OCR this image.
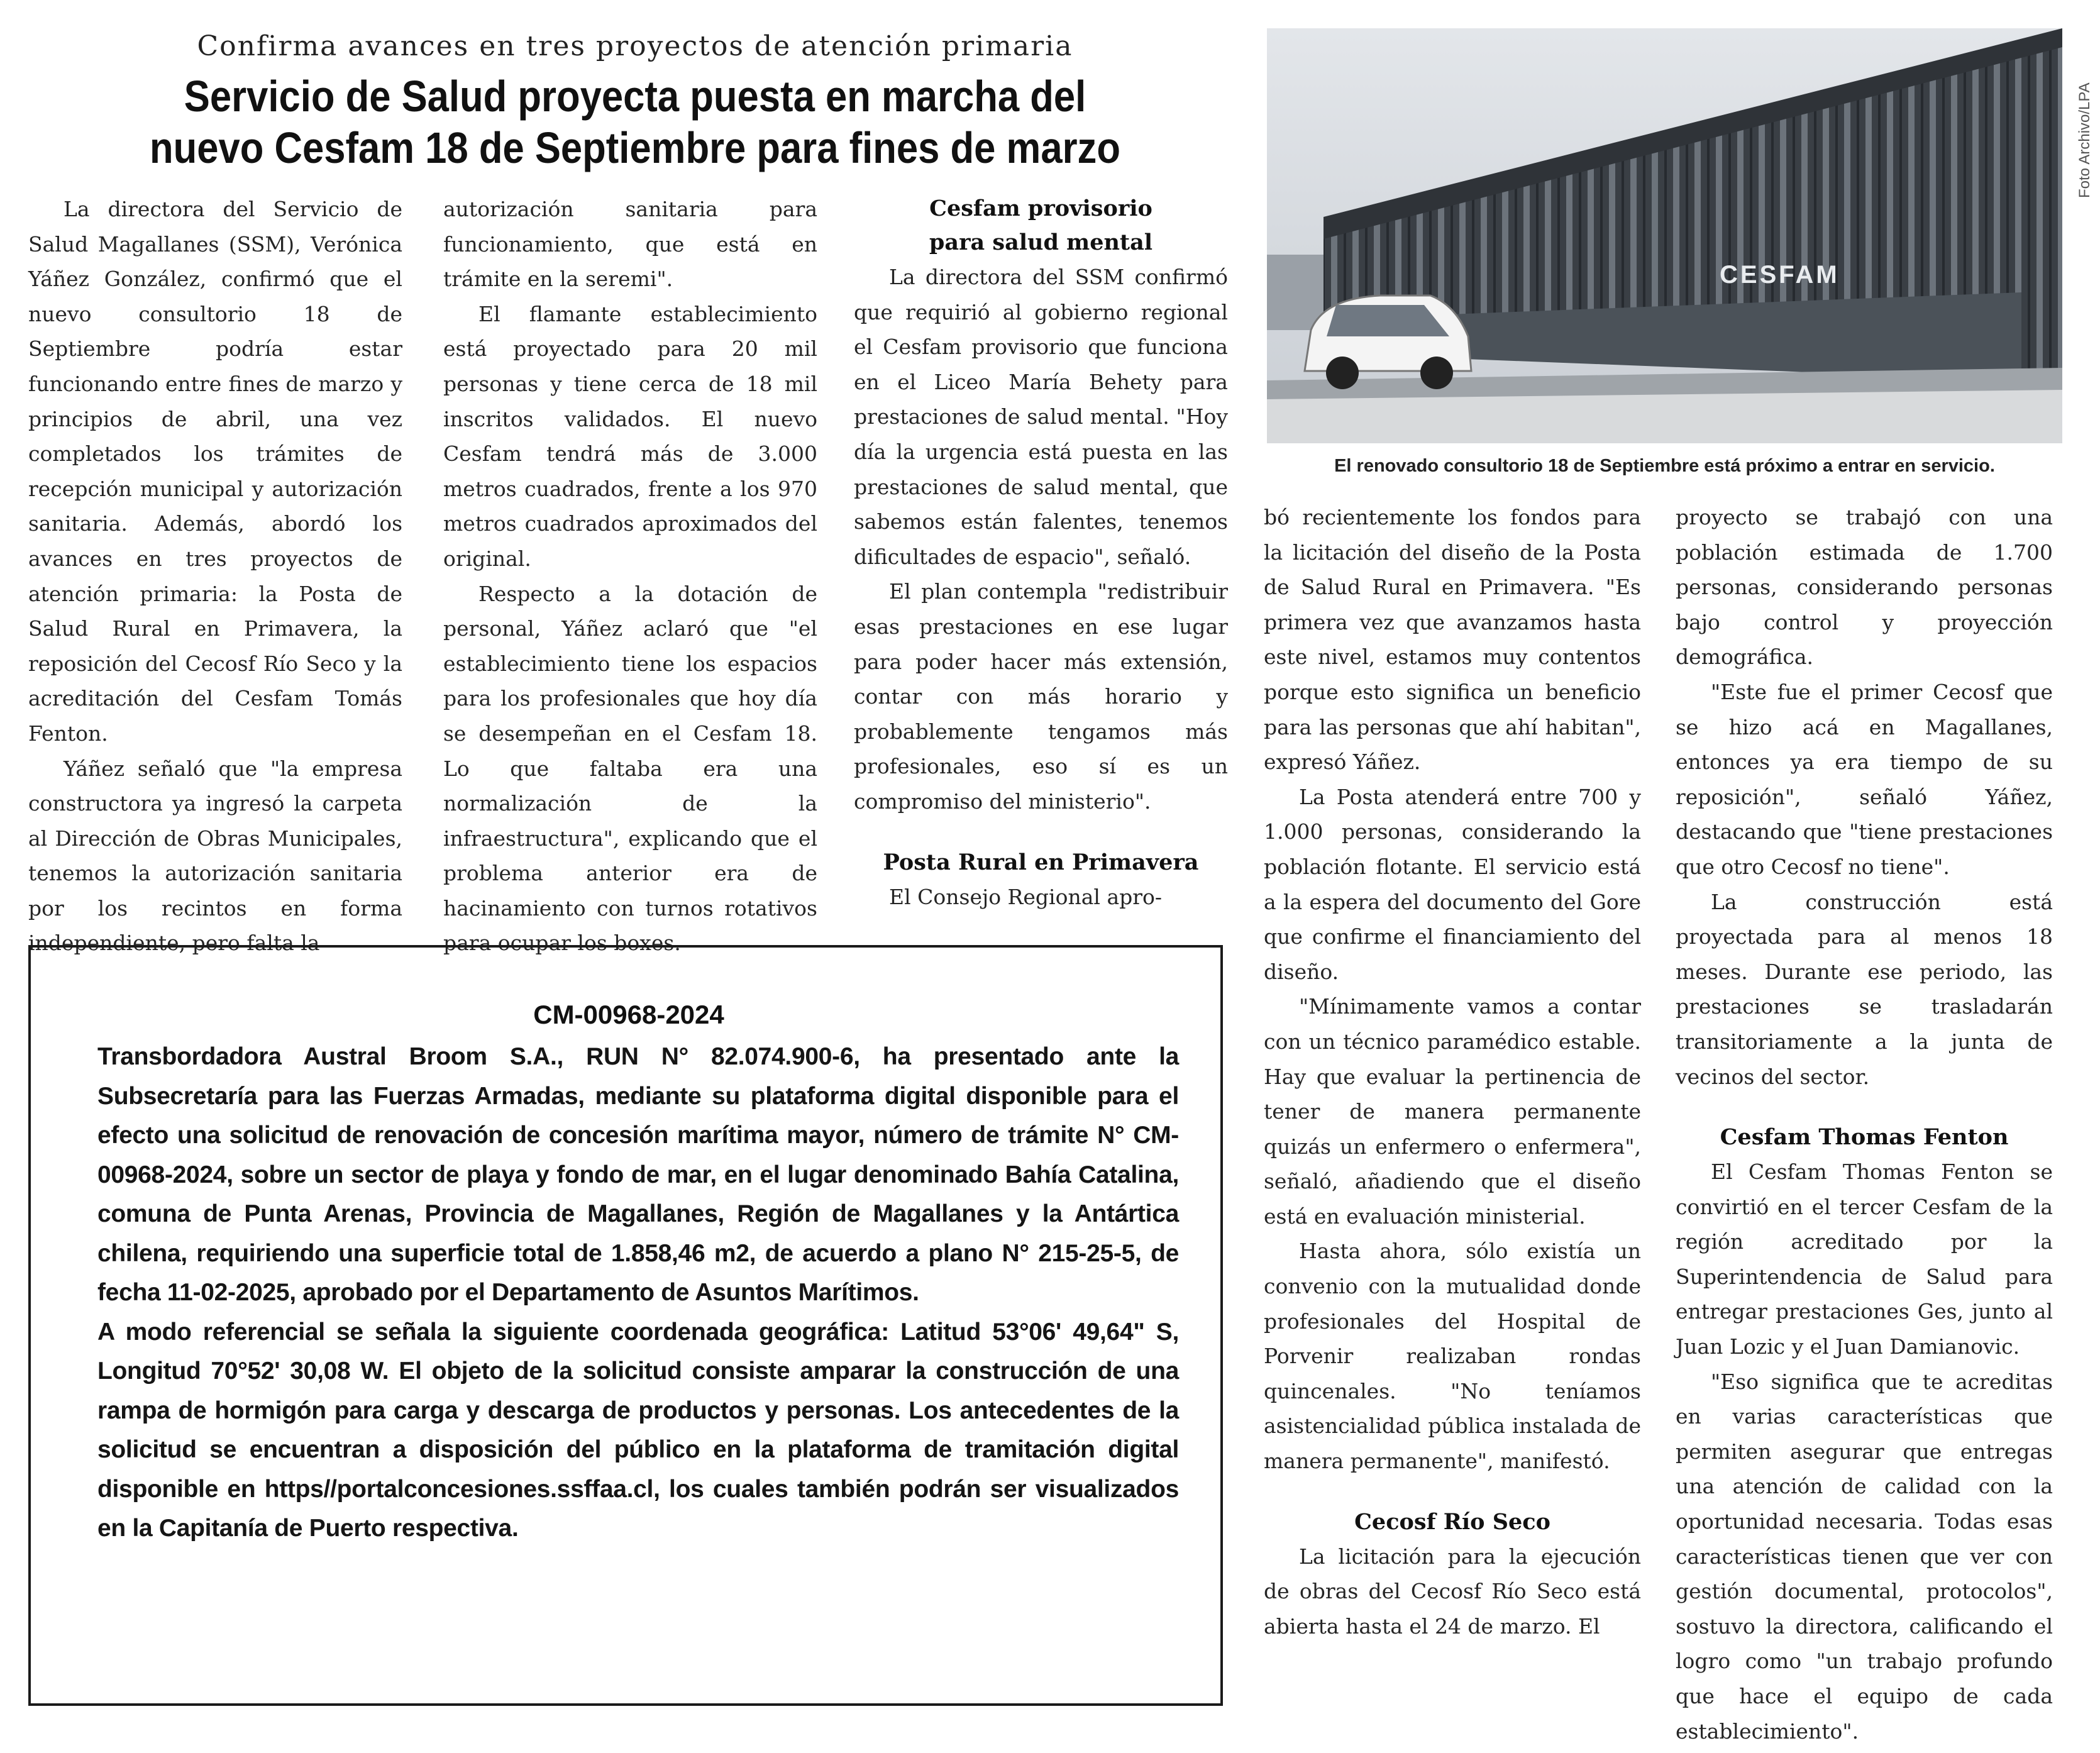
Confirma avances en tres proyectos de atención primaria
Servicio de Salud proyecta puesta en marcha del
nuevo Cesfam 18 de Septiembre para fines de marzo

La directora del Servicio de Salud Magallanes (SSM), Verónica Yáñez González, confirmó que el nuevo consultorio 18 de Septiembre podría estar funcionando entre fines de marzo y principios de abril, una vez completados los trámites de recepción municipal y autorización sanitaria. Además, abordó los avances en tres proyectos de atención primaria: la Posta de Salud Rural en Primavera, la reposición del Cecosf Río Seco y la acreditación del Cesfam Tomás Fenton.

Yáñez señaló que "la empresa constructora ya ingresó la carpeta al Dirección de Obras Municipales, tenemos la autorización sanitaria por los recintos en forma independiente, pero falta la

autorización sanitaria para funcionamiento, que está en trámite en la seremi".

El flamante establecimiento está proyectado para 20 mil personas y tiene cerca de 18 mil inscritos validados. El nuevo Cesfam tendrá más de 3.000 metros cuadrados, frente a los 970 metros cuadrados aproximados del original.

Respecto a la dotación de personal, Yáñez aclaró que "el establecimiento tiene los espacios para los profesionales que hoy día se desempeñan en el Cesfam 18. Lo que faltaba era una normalización de la infraestructura", explicando que el problema anterior era de hacinamiento con turnos rotativos para ocupar los boxes.

Cesfam provisorio
para salud mental

La directora del SSM confirmó que requirió al gobierno regional el Cesfam provisorio que funciona en el Liceo María Behety para prestaciones de salud mental. "Hoy día la urgencia está puesta en las prestaciones de salud mental, que sabemos están falentes, tenemos dificultades de espacio", señaló.

El plan contempla "redistribuir esas prestaciones en ese lugar para poder hacer más extensión, contar con más horario y probablemente tengamos más profesionales, eso sí es un compromiso del ministerio".

Posta Rural en Primavera

El Consejo Regional apro-

CESFAM
Foto Archivo/LPA
El renovado consultorio 18 de Septiembre está próximo a entrar en servicio.

bó recientemente los fondos para la licitación del diseño de la Posta de Salud Rural en Primavera. "Es primera vez que avanzamos hasta este nivel, estamos muy contentos porque esto significa un beneficio para las personas que ahí habitan", expresó Yáñez.

La Posta atenderá entre 700 y 1.000 personas, considerando la población flotante. El servicio está a la espera del documento del Gore que confirme el financiamiento del diseño.

"Mínimamente vamos a contar con un técnico paramédico estable. Hay que evaluar la pertinencia de tener de manera permanente quizás un enfermero o enfermera", señaló, añadiendo que el diseño está en evaluación ministerial.

Hasta ahora, sólo existía un convenio con la mutualidad donde profesionales del Hospital de Porvenir realizaban rondas quincenales. "No teníamos asistencialidad pública instalada de manera permanente", manifestó.

Cecosf Río Seco

La licitación para la ejecución de obras del Cecosf Río Seco está abierta hasta el 24 de marzo. El

proyecto se trabajó con una población estimada de 1.700 personas, considerando personas bajo control y proyección demográfica.

"Este fue el primer Cecosf que se hizo acá en Magallanes, entonces ya era tiempo de su reposición", señaló Yáñez, destacando que "tiene prestaciones que otro Cecosf no tiene".

La construcción está proyectada para al menos 18 meses. Durante ese periodo, las prestaciones se trasladarán transitoriamente a la junta de vecinos del sector.

Cesfam Thomas Fenton

El Cesfam Thomas Fenton se convirtió en el tercer Cesfam de la región acreditado por la Superintendencia de Salud para entregar prestaciones Ges, junto al Juan Lozic y el Juan Damianovic.

"Eso significa que te acreditas en varias características que permiten asegurar que entregas una atención de calidad con la oportunidad necesaria. Todas esas características tienen que ver con gestión documental, protocolos", sostuvo la directora, calificando el logro como "un trabajo profundo que hace el equipo de cada establecimiento".

CM-00968-2024

Transbordadora Austral Broom S.A., RUN N° 82.074.900-6, ha presentado ante la Subsecretaría para las Fuerzas Armadas, mediante su plataforma digital disponible para el efecto una solicitud de renovación de concesión marítima mayor, número de trámite N° CM-00968-2024, sobre un sector de playa y fondo de mar, en el lugar denominado Bahía Catalina, comuna de Punta Arenas, Provincia de Magallanes, Región de Magallanes y la Antártica chilena, requiriendo una superficie total de 1.858,46 m2, de acuerdo a plano N° 215-25-5, de fecha 11-02-2025, aprobado por el Departamento de Asuntos Marítimos.

A modo referencial se señala la siguiente coordenada geográfica: Latitud 53°06' 49,64" S, Longitud 70°52' 30,08 W. El objeto de la solicitud consiste amparar la construcción de una rampa de hormigón para carga y descarga de productos y personas. Los antecedentes de la solicitud se encuentran a disposición del público en la plataforma de tramitación digital disponible en https//portalconcesiones.ssffaa.cl, los cuales también podrán ser visualizados en la Capitanía de Puerto respectiva.
